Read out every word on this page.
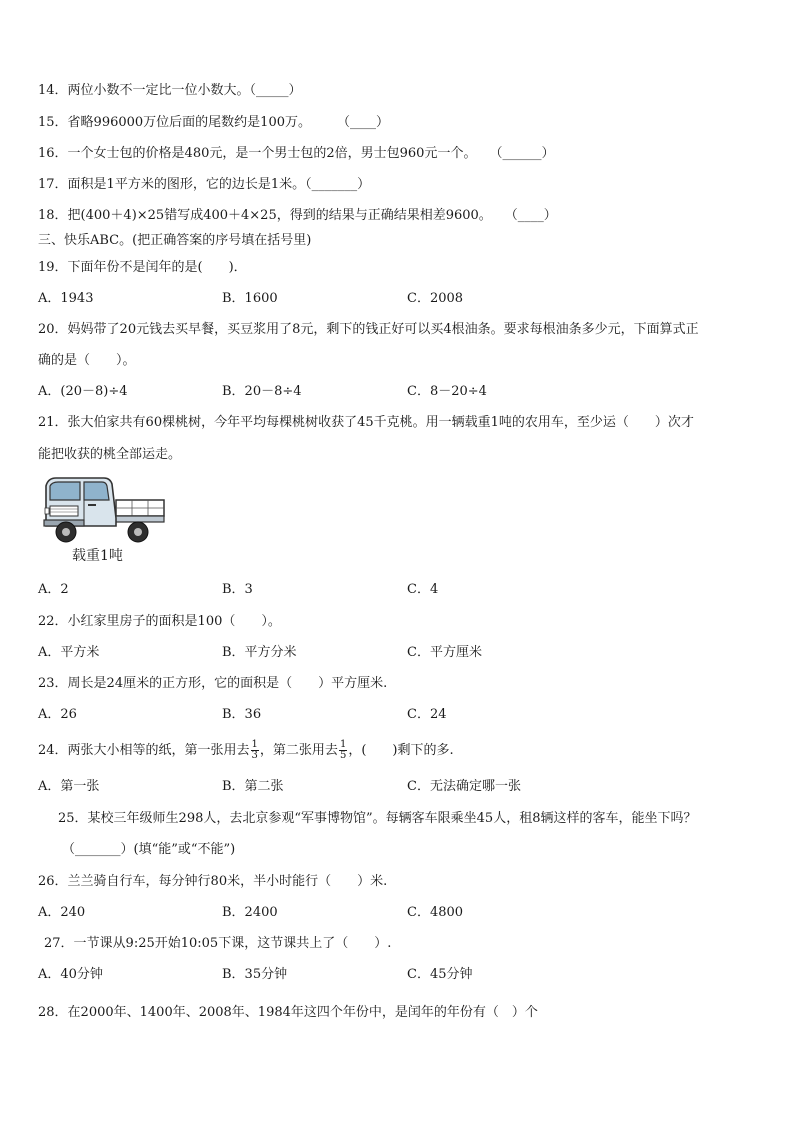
14．两位小数不一定比一位小数大。（_____）
15．省略996000万位后面的尾数约是100万。　　　（____）
16．一个女士包的价格是480元，是一个男士包的2倍，男士包960元一个。　　（______）
17．面积是1平方米的图形，它的边长是1米。（_______）
18．把(400＋4)×25错写成400＋4×25，得到的结果与正确结果相差9600。　　（____）
三、快乐ABC。(把正确答案的序号填在括号里)
19．下面年份不是闰年的是(　　)．
A．1943	B．1600	C．2008
20．妈妈带了20元钱去买早餐，买豆浆用了8元，剩下的钱正好可以买4根油条。要求每根油条多少元，下面算式正
确的是（　　）。
A．(20－8)÷4	B．20－8÷4	C．8－20÷4
21．张大伯家共有60棵桃树，今年平均每棵桃树收获了45千克桃。用一辆载重1吨的农用车，至少运（　　）次才
能把收获的桃全部运走。
载重1吨
A．2	B．3	C．4
22．小红家里房子的面积是100（　　）。
A．平方米	B．平方分米	C．平方厘米
23．周长是24厘米的正方形，它的面积是（　　）平方厘米.
A．26	B．36	C．24
24．两张大小相等的纸，第一张用去 $\frac{1}{3}$ ，第二张用去 $\frac{1}{5}$ ，(　　)剩下的多.
A．第一张	B．第二张	C．无法确定哪一张
25．某校三年级师生298人，去北京参观“军事博物馆”。每辆客车限乘坐45人，租8辆这样的客车，能坐下吗？
（_______）(填“能”或“不能”)
26．兰兰骑自行车，每分钟行80米，半小时能行（　　）米.
A．240	B．2400	C．4800
27．一节课从9:25开始10:05下课，这节课共上了（　　）.
A．40分钟	B．35分钟	C．45分钟
28．在2000年、1400年、2008年、1984年这四个年份中，是闰年的年份有（　）个
